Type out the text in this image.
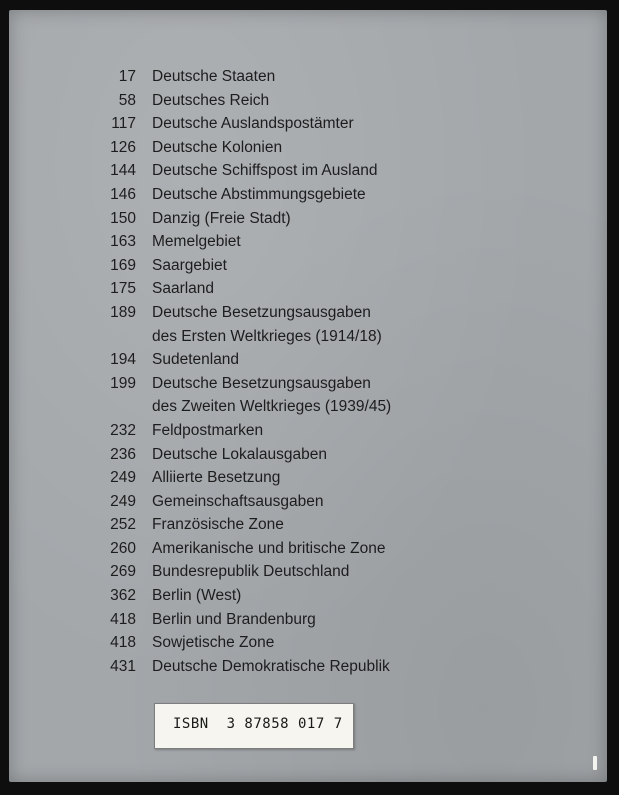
17 Deutsche Staaten
58 Deutsches Reich
117 Deutsche Auslandspostämter
126 Deutsche Kolonien
144 Deutsche Schiffspost im Ausland
146 Deutsche Abstimmungsgebiete
150 Danzig (Freie Stadt)
163 Memelgebiet
169 Saargebiet
175 Saarland
189 Deutsche Besetzungsausgaben
des Ersten Weltkrieges (1914/18)
194 Sudetenland
199 Deutsche Besetzungsausgaben
des Zweiten Weltkrieges (1939/45)
232 Feldpostmarken
236 Deutsche Lokalausgaben
249 Alliierte Besetzung
249 Gemeinschaftsausgaben
252 Französische Zone
260 Amerikanische und britische Zone
269 Bundesrepublik Deutschland
362 Berlin (West)
418 Berlin und Brandenburg
418 Sowjetische Zone
431 Deutsche Demokratische Republik
ISBN  3 87858 017 7
